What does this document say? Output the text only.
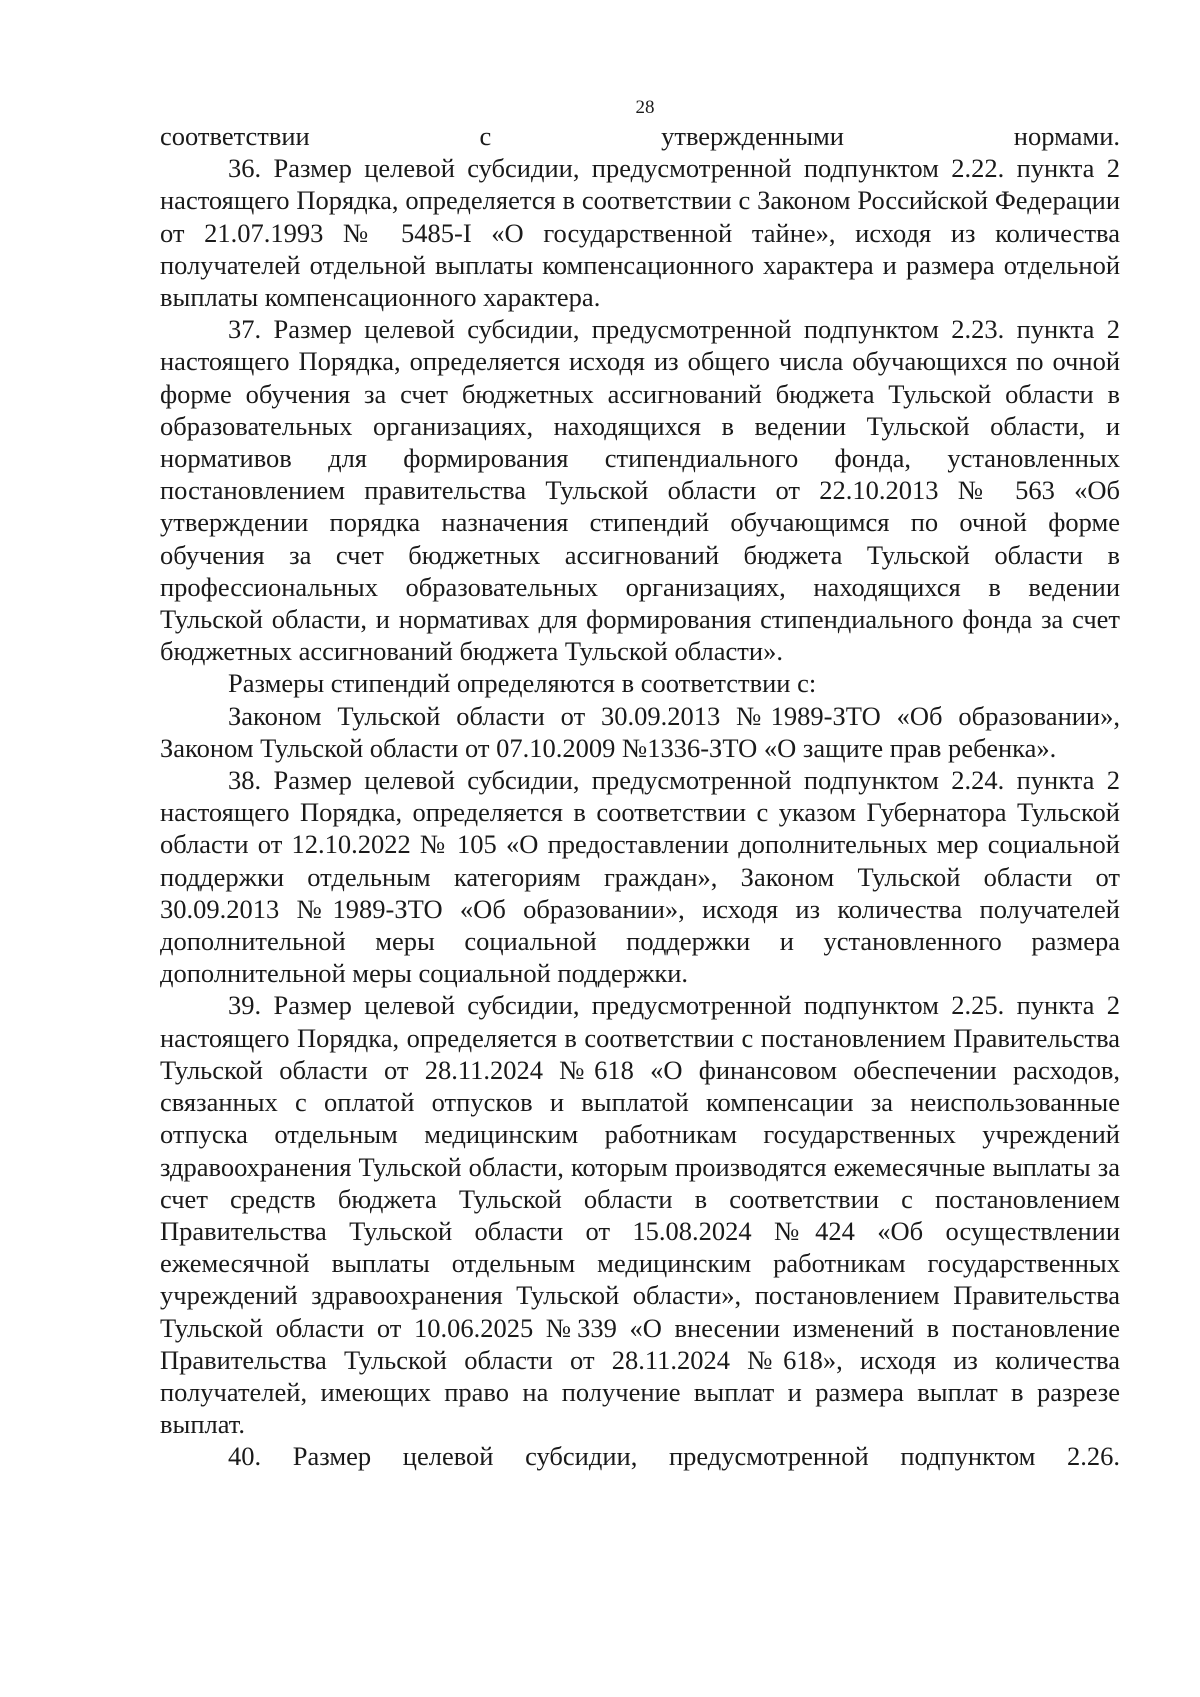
28

соответствии с утвержденными нормами.

36. Размер целевой субсидии, предусмотренной подпунктом 2.22. пункта 2 настоящего Порядка, определяется в соответствии с Законом Российской Федерации от 21.07.1993 № 5485-I «О государственной тайне», исходя из количества получателей отдельной выплаты компенсационного характера и размера отдельной выплаты компенсационного характера.

37. Размер целевой субсидии, предусмотренной подпунктом 2.23. пункта 2 настоящего Порядка, определяется исходя из общего числа обучающихся по очной форме обучения за счет бюджетных ассигнований бюджета Тульской области в образовательных организациях, находящихся в ведении Тульской области, и нормативов для формирования стипендиального фонда, установленных постановлением правительства Тульской области от 22.10.2013 № 563 «Об утверждении порядка назначения стипендий обучающимся по очной форме обучения за счет бюджетных ассигнований бюджета Тульской области в профессиональных образовательных организациях, находящихся в ведении Тульской области, и нормативах для формирования стипендиального фонда за счет бюджетных ассигнований бюджета Тульской области».

Размеры стипендий определяются в соответствии с:

Законом Тульской области от 30.09.2013 №1989-ЗТО «Об образовании», Законом Тульской области от 07.10.2009 №1336-ЗТО «О защите прав ребенка».

38. Размер целевой субсидии, предусмотренной подпунктом 2.24. пункта 2 настоящего Порядка, определяется в соответствии с указом Губернатора Тульской области от 12.10.2022 № 105 «О предоставлении дополнительных мер социальной поддержки отдельным категориям граждан», Законом Тульской области от 30.09.2013 №1989-ЗТО «Об образовании», исходя из количества получателей дополнительной меры социальной поддержки и установленного размера дополнительной меры социальной поддержки.

39. Размер целевой субсидии, предусмотренной подпунктом 2.25. пункта 2 настоящего Порядка, определяется в соответствии с постановлением Правительства Тульской области от 28.11.2024 №618 «О финансовом обеспечении расходов, связанных с оплатой отпусков и выплатой компенсации за неиспользованные отпуска отдельным медицинским работникам государственных учреждений здравоохранения Тульской области, которым производятся ежемесячные выплаты за счет средств бюджета Тульской области в соответствии с постановлением Правительства Тульской области от 15.08.2024 №424 «Об осуществлении ежемесячной выплаты отдельным медицинским работникам государственных учреждений здравоохранения Тульской области», постановлением Правительства Тульской области от 10.06.2025 №339 «О внесении изменений в постановление Правительства Тульской области от 28.11.2024 №618», исходя из количества получателей, имеющих право на получение выплат и размера выплат в разрезе выплат.

40. Размер целевой субсидии, предусмотренной подпунктом 2.26.
